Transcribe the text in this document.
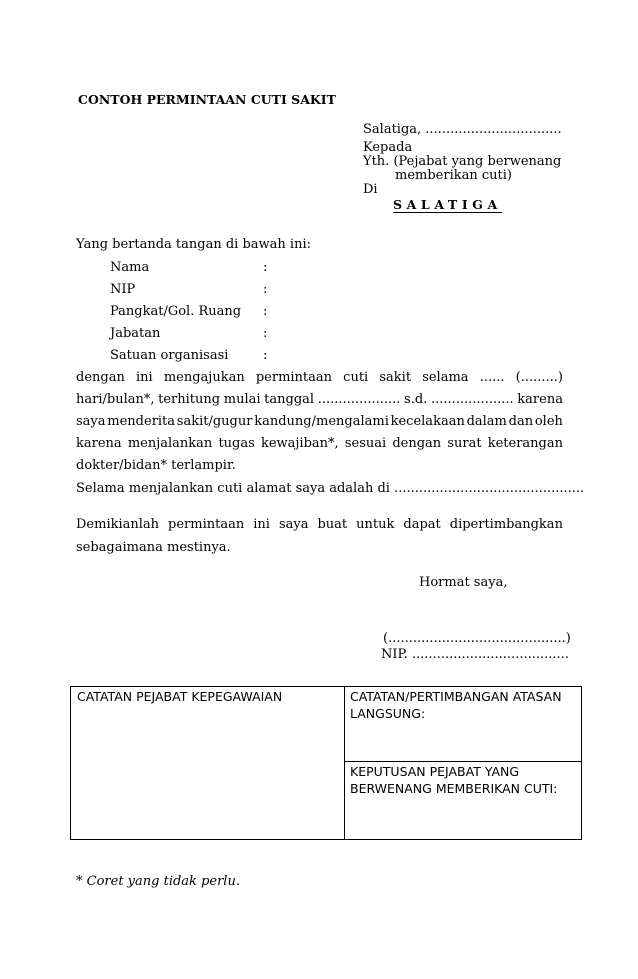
CONTOH PERMINTAAN CUTI SAKIT
Salatiga, .................................
Kepada
Yth. (Pejabat yang berwenang
memberikan cuti)
Di
SALATIGA
Yang bertanda tangan di bawah ini:
Nama	:
NIP	:
Pangkat/Gol. Ruang :
Jabatan	:
Satuan organisasi	:
dengan ini mengajukan permintaan cuti sakit selama ...... (.........)
hari/bulan*, terhitung mulai tanggal .................... s.d. .................... karena
saya menderita sakit/gugur kandung/mengalami kecelakaan dalam dan oleh
karena menjalankan tugas kewajiban*, sesuai dengan surat keterangan
dokter/bidan* terlampir.
Selama menjalankan cuti alamat saya adalah di ..............................................
Demikianlah permintaan ini saya buat untuk dapat dipertimbangkan
sebagaimana mestinya.
Hormat saya,
(...........................................)
NIP. ......................................
CATATAN PEJABAT KEPEGAWAIAN	CATATAN/PERTIMBANGAN ATASAN
LANGSUNG:
KEPUTUSAN PEJABAT YANG
BERWENANG MEMBERIKAN CUTI:
* Coret yang tidak perlu.
